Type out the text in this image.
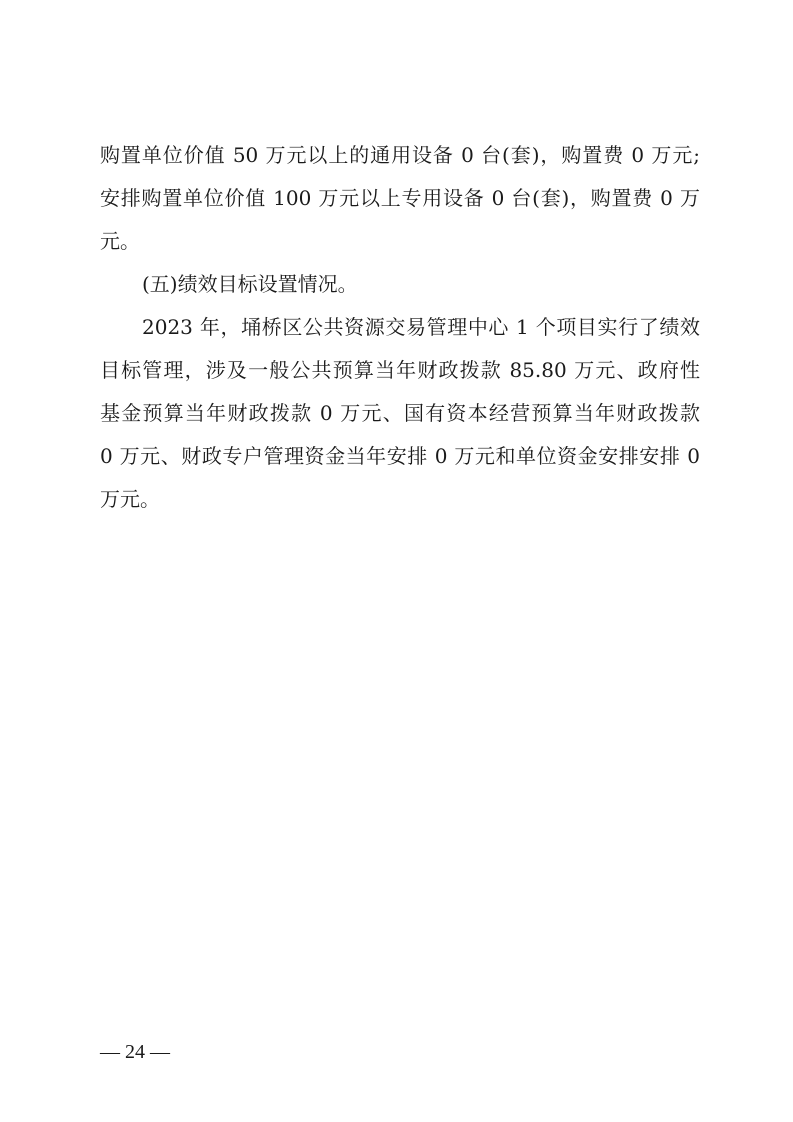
购置单位价值 50 万元以上的通用设备 0 台(套)，购置费 0 万元;
安排购置单位价值 100 万元以上专用设备 0 台(套)，购置费 0 万
元。
(五)绩效目标设置情况。
2023 年，埇桥区公共资源交易管理中心 1 个项目实行了绩效
目标管理，涉及一般公共预算当年财政拨款 85.80 万元、政府性
基金预算当年财政拨款 0 万元、国有资本经营预算当年财政拨款
0 万元、财政专户管理资金当年安排 0 万元和单位资金安排安排 0
万元。
— 24 —
